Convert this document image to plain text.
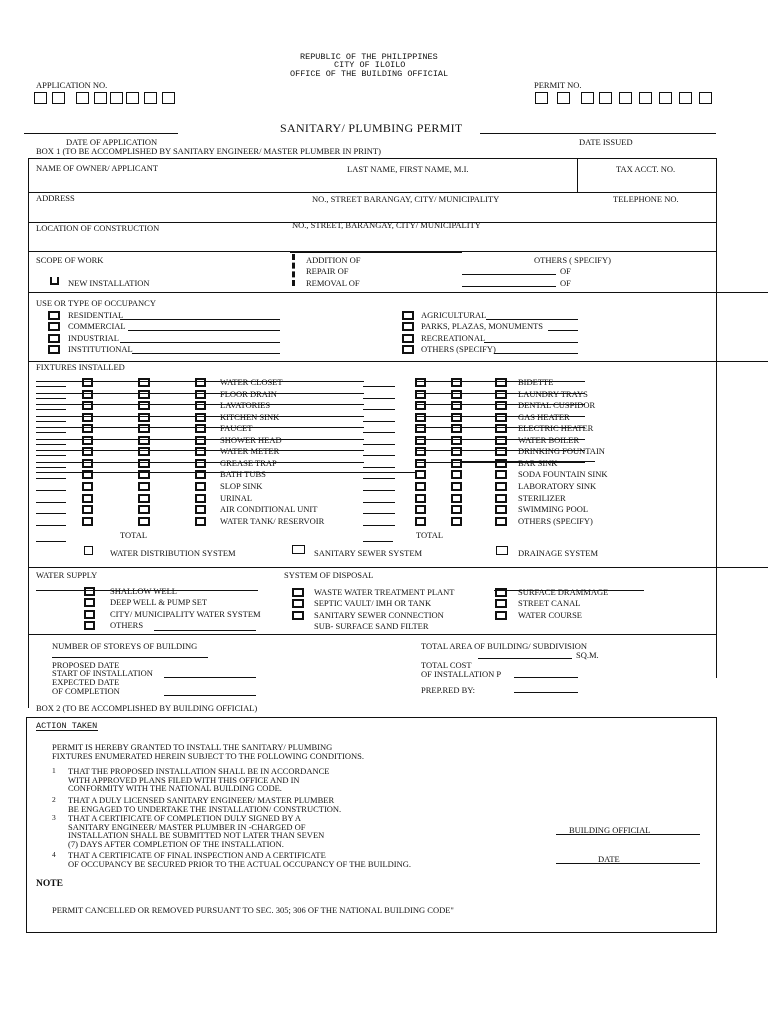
REPUBLIC OF THE PHILIPPINES
CITY OF ILOILO
OFFICE OF THE BUILDING OFFICIAL
APPLICATION NO.	PERMIT NO.
SANITARY/ PLUMBING PERMIT
DATE OF APPLICATION	DATE ISSUED
BOX 1 (TO BE ACCOMPLISHED BY SANITARY ENGINEER/ MASTER PLUMBER IN PRINT)
NAME OF OWNER/ APPLICANT	LAST NAME, FIRST NAME, M.I.	TAX ACCT. NO.
ADDRESS	NO., STREET BARANGAY, CITY/ MUNICIPALITY	TELEPHONE NO.
NO., STREET, BARANGAY, CITY/ MUNICIPALITY
LOCATION OF CONSTRUCTION
SCOPE OF WORK
NEW INSTALLATION
ADDITION OF
REPAIR OF
REMOVAL OF
OTHERS ( SPECIFY)
OF
OF
USE OR TYPE OF OCCUPANCY
RESIDENTIAL
COMMERCIAL
INDUSTRIAL
INSTITUTIONAL
AGRICULTURAL
PARKS, PLAZAS, MONUMENTS
RECREATIONAL
OTHERS (SPECIFY)
FIXTURES INSTALLED
WATER CLOSET
FLOOR DRAIN
LAVATORIES
KITCHEN SINK
FAUCET
SHOWER HEAD
WATER METER
GREASE TRAP
BATH TUBS
SLOP SINK
URINAL
AIR CONDITIONAL UNIT
WATER TANK/ RESERVOIR
BIDETTE
LAUNDRY TRAYS
DENTAL CUSPIDOR
GAS HEATER
ELECTRIC HEATER
WATER BOILER
DRINKING FOUNTAIN
BAR SINK
SODA FOUNTAIN SINK
LABORATORY SINK
STERILIZER
SWIMMING POOL
OTHERS (SPECIFY)
TOTAL	TOTAL
WATER DISTRIBUTION SYSTEM	SANITARY SEWER SYSTEM	DRAINAGE SYSTEM
WATER SUPPLY	SYSTEM OF DISPOSAL
SHALLOW WELL
DEEP WELL & PUMP SET
CITY/ MUNICIPALITY WATER SYSTEM
OTHERS
WASTE WATER TREATMENT PLANT
SEPTIC VAULT/ IMH OR TANK
SANITARY SEWER CONNECTION
SUB- SURFACE SAND FILTER
SURFACE DRAMMAGE
STREET CANAL
WATER COURSE
NUMBER OF STOREYS OF BUILDING	TOTAL AREA OF BUILDING/ SUBDIVISION
SQ.M.
PROPOSED DATE
START OF INSTALLATION
EXPECTED DATE
OF COMPLETION
TOTAL COST
OF INSTALLATION P
PREP.RED BY:
BOX 2 (TO BE ACCOMPLISHED BY BUILDING OFFICIAL)
ACTION TAKEN
PERMIT IS HEREBY GRANTED TO INSTALL THE SANITARY/ PLUMBING
FIXTURES ENUMERATED HEREIN SUBJECT TO THE FOLLOWING CONDITIONS.
1 THAT THE PROPOSED INSTALLATION SHALL BE IN ACCORDANCE
WITH APPROVED PLANS FILED WITH THIS OFFICE AND IN
CONFORMITY WITH THE NATIONAL BUILDING CODE.
2 THAT A DULY LICENSED SANITARY ENGINEER/ MASTER PLUMBER
BE ENGAGED TO UNDERTAKE THE INSTALLATION/ CONSTRUCTION.
3 THAT A CERTIFICATE OF COMPLETION DULY SIGNED BY A
SANITARY ENGINEER/ MASTER PLUMBER IN -CHARGED OF
INSTALLATION SHALL BE SUBMITTED NOT LATER THAN SEVEN
(7) DAYS AFTER COMPLETION OF THE INSTALLATION.
4 THAT A CERTIFICATE OF FINAL INSPECTION AND A CERTIFICATE
OF OCCUPANCY BE SECURED PRIOR TO THE ACTUAL OCCUPANCY OF THE BUILDING.
BUILDING OFFICIAL
DATE
NOTE
PERMIT CANCELLED OR REMOVED PURSUANT TO SEC. 305; 306 OF THE NATIONAL BUILDING CODE"
